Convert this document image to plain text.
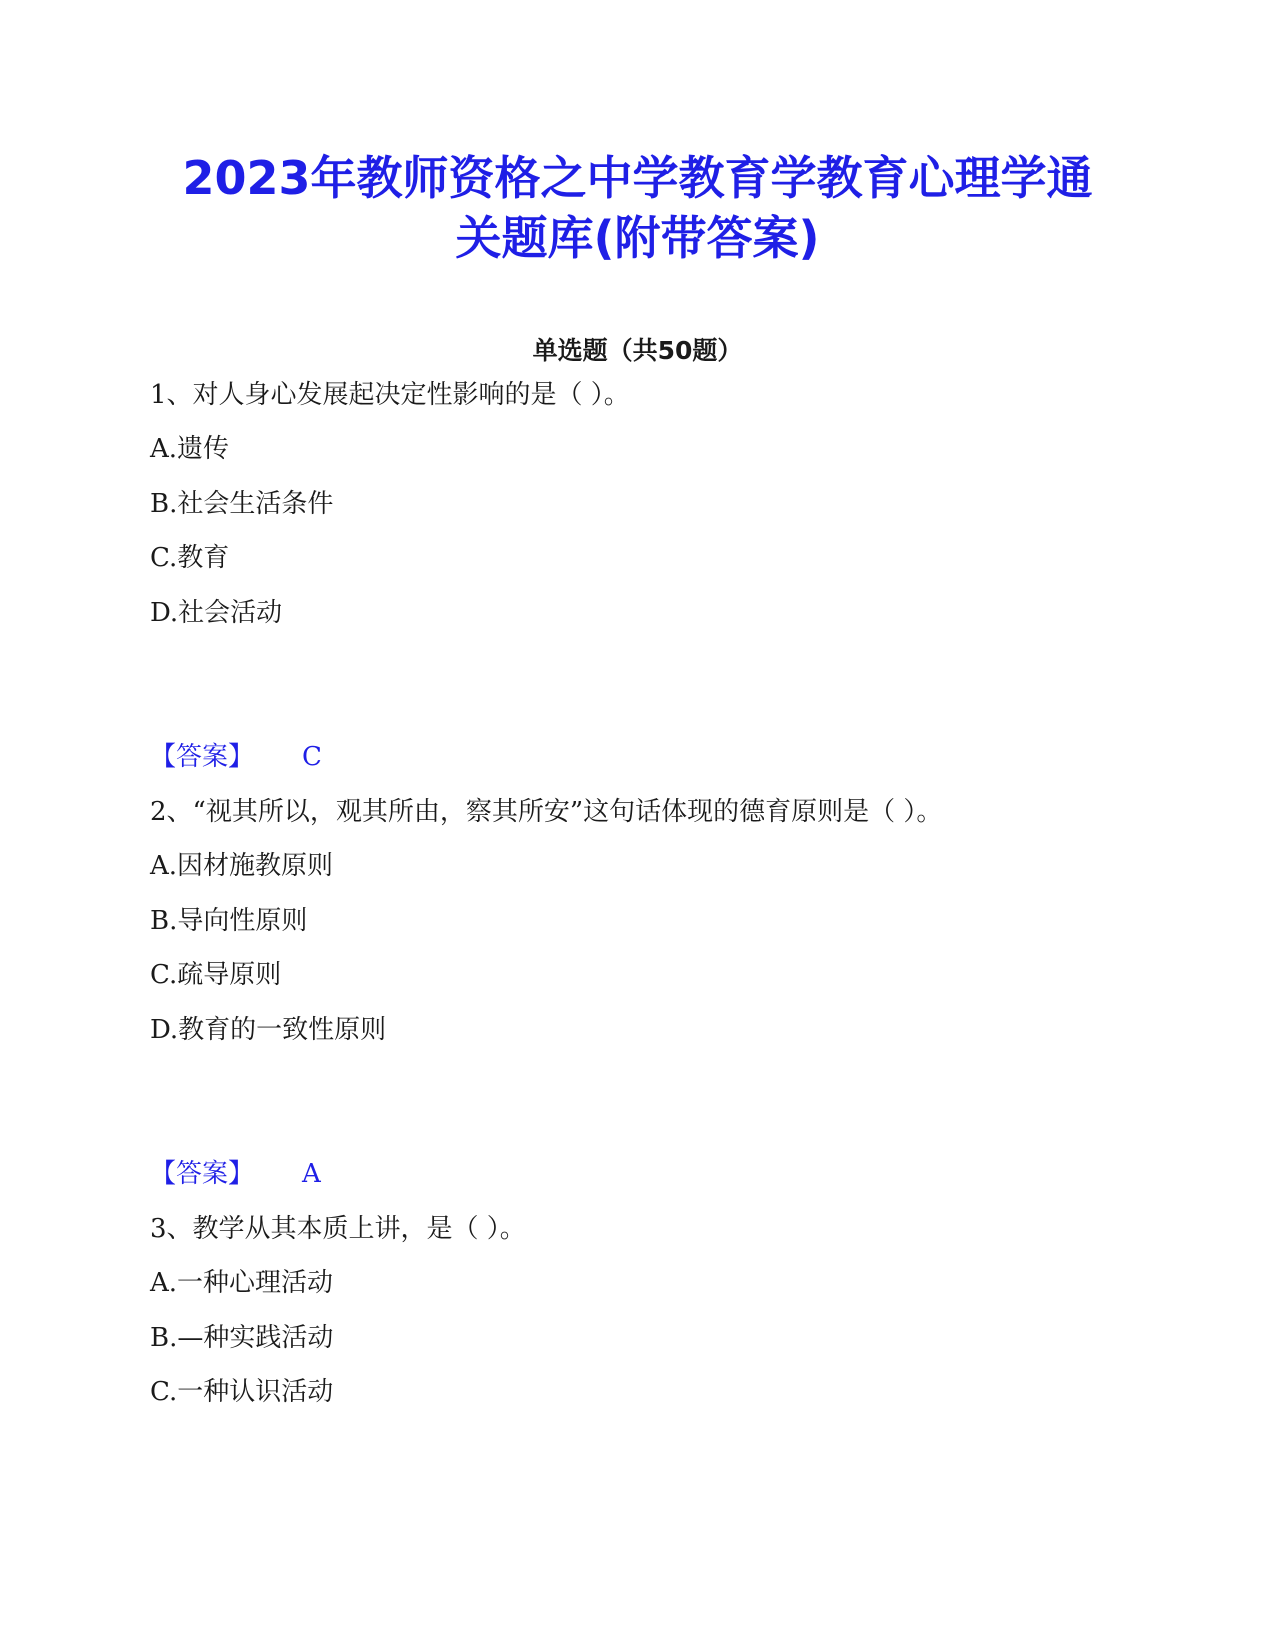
2023年教师资格之中学教育学教育心理学通
关题库(附带答案)
单选题（共50题）
1、对人身心发展起决定性影响的是（ ）。
A.遗传
B.社会生活条件
C.教育
D.社会活动
【答案】 C
2、“视其所以，观其所由，察其所安”这句话体现的德育原则是（ ）。
A.因材施教原则
B.导向性原则
C.疏导原则
D.教育的一致性原则
【答案】 A
3、教学从其本质上讲，是（ ）。
A.一种心理活动
B.—种实践活动
C.一种认识活动
